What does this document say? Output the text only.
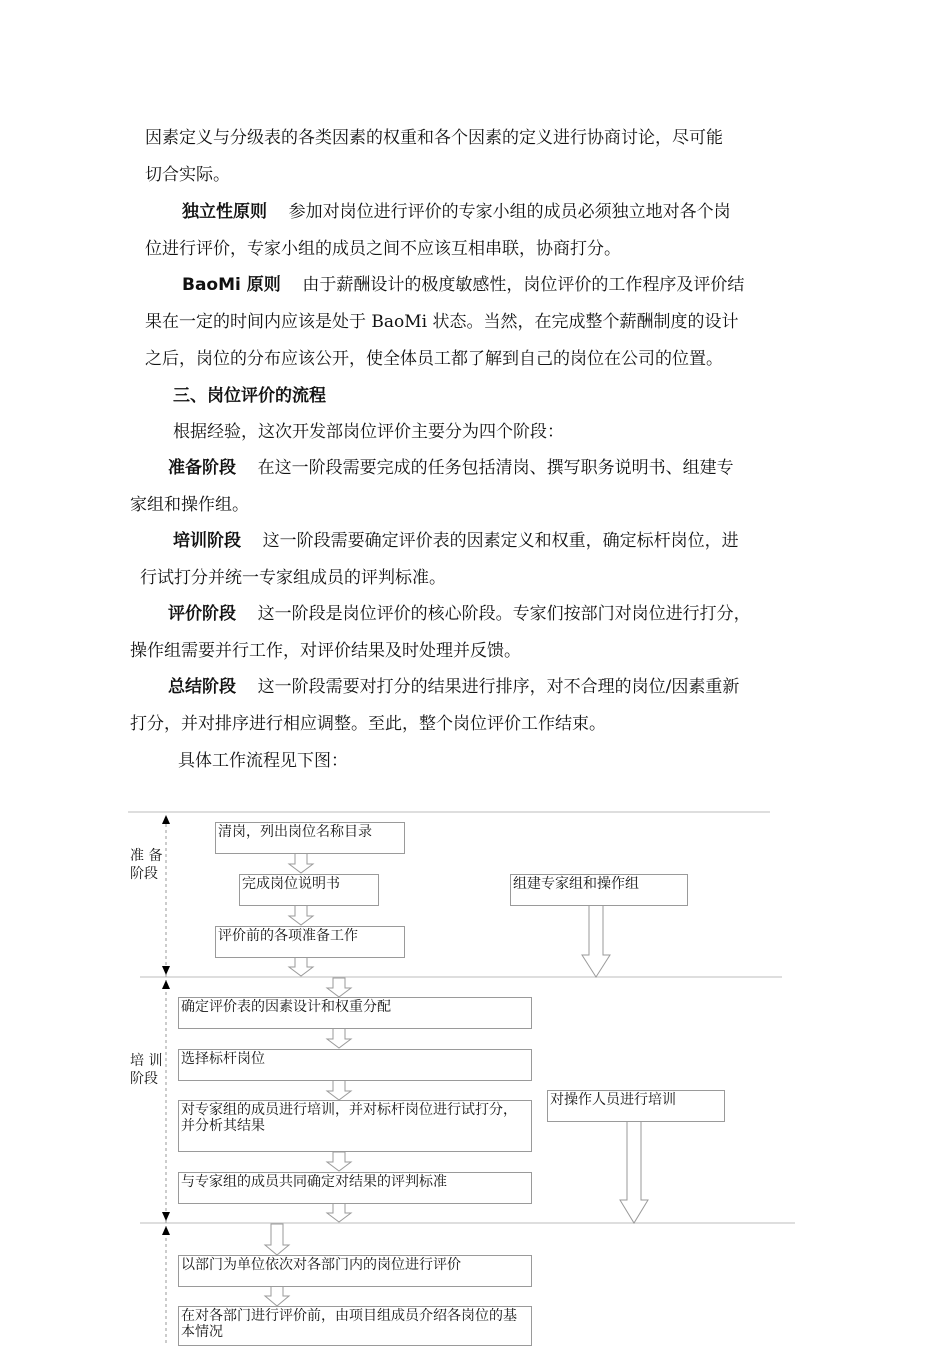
因素定义与分级表的各类因素的权重和各个因素的定义进行协商讨论，尽可能
切合实际。
独立性原则 参加对岗位进行评价的专家小组的成员必须独立地对各个岗
位进行评价，专家小组的成员之间不应该互相串联，协商打分。
BaoMi 原则 由于薪酬设计的极度敏感性，岗位评价的工作程序及评价结
果在一定的时间内应该是处于 BaoMi 状态。当然，在完成整个薪酬制度的设计
之后，岗位的分布应该公开，使全体员工都了解到自己的岗位在公司的位置。
三、岗位评价的流程
根据经验，这次开发部岗位评价主要分为四个阶段：
准备阶段 在这一阶段需要完成的任务包括清岗、撰写职务说明书、组建专
家组和操作组。
培训阶段 这一阶段需要确定评价表的因素定义和权重，确定标杆岗位，进
行试打分并统一专家组成员的评判标准。
评价阶段 这一阶段是岗位评价的核心阶段。专家们按部门对岗位进行打分，
操作组需要并行工作，对评价结果及时处理并反馈。
总结阶段 这一阶段需要对打分的结果进行排序，对不合理的岗位/因素重新
打分，并对排序进行相应调整。至此，整个岗位评价工作结束。
具体工作流程见下图：
准 备
阶段
培 训
阶段
清岗，列出岗位名称目录
完成岗位说明书	组建专家组和操作组
评价前的各项准备工作
确定评价表的因素设计和权重分配
选择标杆岗位
对专家组的成员进行培训，并对标杆岗位进行试打分，并分析其结果
对操作人员进行培训
与专家组的成员共同确定对结果的评判标准
以部门为单位依次对各部门内的岗位进行评价
在对各部门进行评价前，由项目组成员介绍各岗位的基本情况
